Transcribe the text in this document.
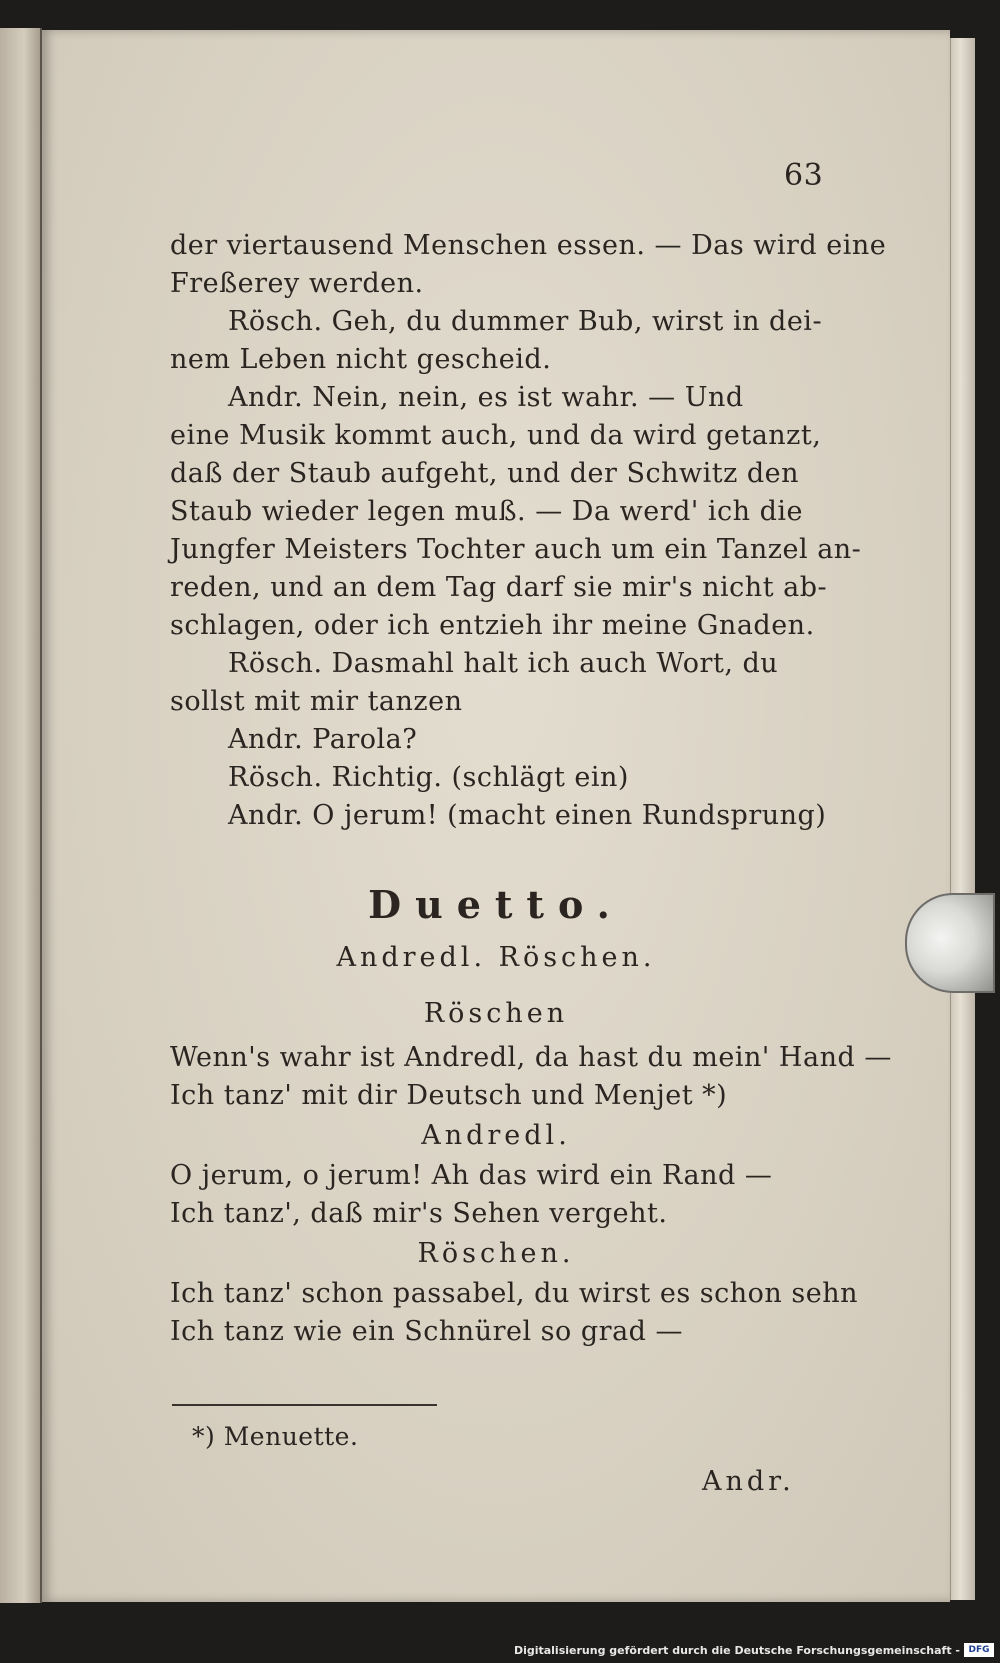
63
der viertausend Menschen essen. — Das wird eine
Freßerey werden.
Rösch. Geh, du dummer Bub, wirst in dei-
nem Leben nicht gescheid.
Andr. Nein, nein, es ist wahr. — Und
eine Musik kommt auch, und da wird getanzt,
daß der Staub aufgeht, und der Schwitz den
Staub wieder legen muß. — Da werd' ich die
Jungfer Meisters Tochter auch um ein Tanzel an-
reden, und an dem Tag darf sie mir's nicht ab-
schlagen, oder ich entzieh ihr meine Gnaden.
Rösch. Dasmahl halt ich auch Wort, du
sollst mit mir tanzen
Andr. Parola?
Rösch. Richtig. (schlägt ein)
Andr. O jerum! (macht einen Rundsprung)
Duetto.
Andredl. Röschen.
Röschen
Wenn's wahr ist Andredl, da hast du mein' Hand —
Ich tanz' mit dir Deutsch und Menjet *)
Andredl.
O jerum, o jerum! Ah das wird ein Rand —
Ich tanz', daß mir's Sehen vergeht.
Röschen.
Ich tanz' schon passabel, du wirst es schon sehn
Ich tanz wie ein Schnürel so grad —
*) Menuette.
Andr.
Digitalisierung gefördert durch die Deutsche Forschungsgemeinschaft - DFG
